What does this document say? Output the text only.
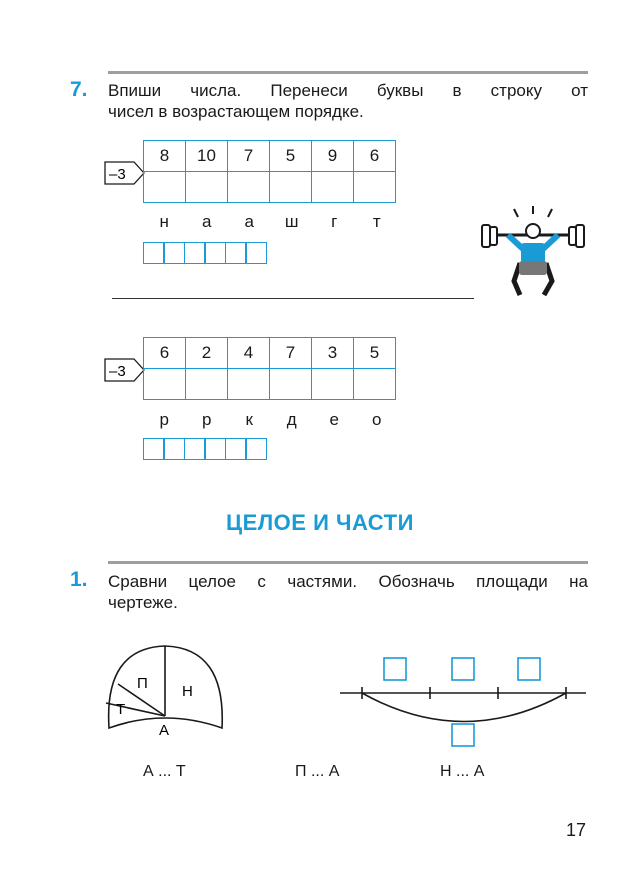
7. Впиши числа. Перенеси буквы в строку от
чисел в возрастающем порядке.
–3
8	10	7	5	9	6

н	а	а	ш	г	т
–3
6	2	4	7	3	5

р	р	к	д	е	о
ЦЕЛОЕ И ЧАСТИ
1. Сравни целое с частями. Обозначь площади на
чертеже.
П Н
Т
А
А ... Т	П ... А	Н ... А
17
